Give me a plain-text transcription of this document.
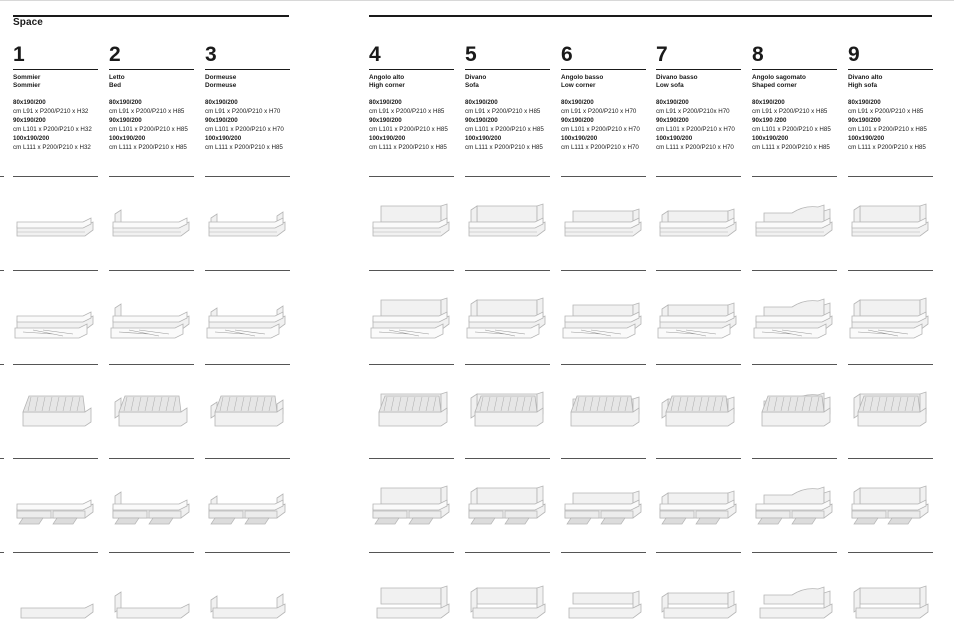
Space
1
Sommier
Sommier
80x190/200
cm L91 x P200/P210 x H32
90x190/200
cm L101 x P200/P210 x H32
100x190/200
cm L111 x P200/P210 x H32
2
Letto
Bed
80x190/200
cm L91 x P200/P210 x H85
90x190/200
cm L101 x P200/P210 x H85
100x190/200
cm L111 x P200/P210 x H85
3
Dormeuse
Dormeuse
80x190/200
cm L91 x P200/P210 x H70
90x190/200
cm L101 x P200/P210 x H70
100x190/200
cm L111 x P200/P210 x H85
4
Angolo alto
High corner
80x190/200
cm L91 x P200/P210 x H85
90x190/200
cm L101 x P200/P210 x H85
100x190/200
cm L111 x P200/P210 x H85
5
Divano
Sofa
80x190/200
cm L91 x P200/P210 x H85
90x190/200
cm L101 x P200/P210 x H85
100x190/200
cm L111 x P200/P210 x H85
6
Angolo basso
Low corner
80x190/200
cm L91 x P200/P210 x H70
90x190/200
cm L101 x P200/P210 x H70
100x190/200
cm L111 x P200/P210 x H70
7
Divano basso
Low sofa
80x190/200
cm L91 x P200/P210x H70
90x190/200
cm L101 x P200/P210 x H70
100x190/200
cm L111 x P200/P210 x H70
8
Angolo sagomato
Shaped corner
80x190/200
cm L91 x P200/P210 x H85
90x190 /200
cm L101 x P200/P210 x H85
100x190/200
cm L111 x P200/P210 x H85
9
Divano alto
High sofa
80x190/200
cm L91 x P200/P210 x H85
90x190/200
cm L101 x P200/P210 x H85
100x190/200
cm L111 x P200/P210 x H85
